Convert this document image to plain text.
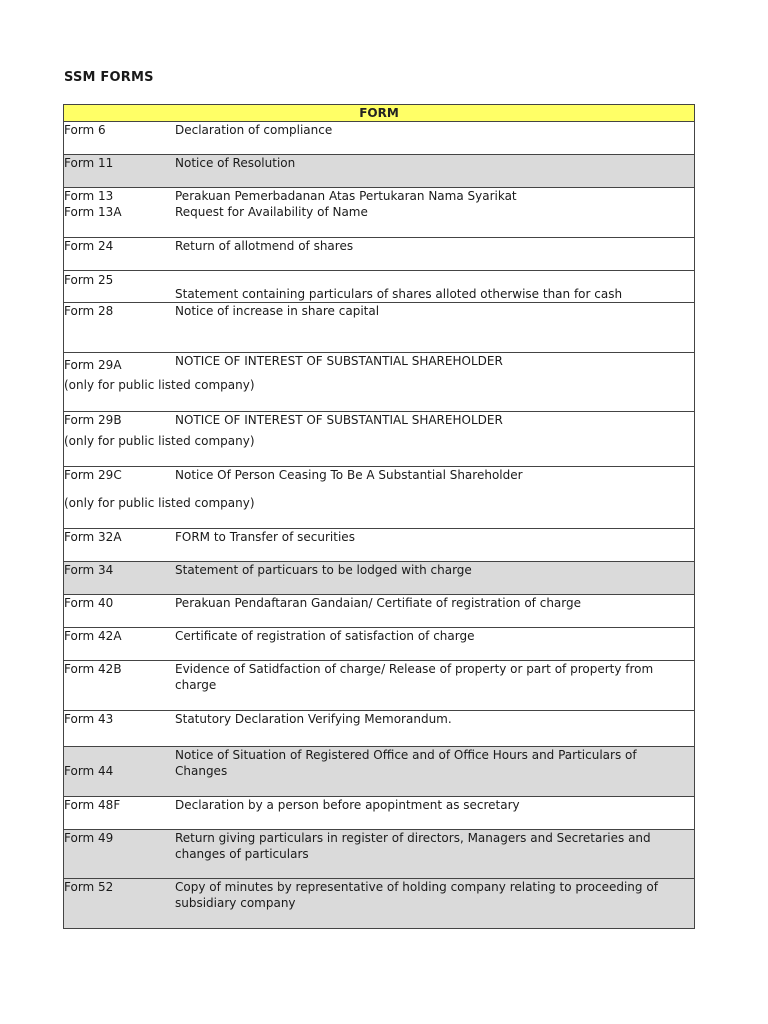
SSM FORMS
FORM
Form 6	Declaration of compliance
Form 11	Notice of Resolution
Form 13	Perakuan Pemerbadanan Atas Pertukaran Nama Syarikat
Form 13A	Request for Availability of Name
Form 24	Return of allotmend of shares
Form 25
Statement containing particulars of shares alloted otherwise than for cash
Form 28	Notice of increase in share capital
Form 29A	NOTICE OF INTEREST OF SUBSTANTIAL SHAREHOLDER
(only for public listed company)
Form 29B	NOTICE OF INTEREST OF SUBSTANTIAL SHAREHOLDER
(only for public listed company)
Form 29C	Notice Of Person Ceasing To Be A Substantial Shareholder
(only for public listed company)
Form 32A	FORM to Transfer of securities
Form 34	Statement of particuars to be lodged with charge
Form 40	Perakuan Pendaftaran Gandaian/ Certifiate of registration of charge
Form 42A	Certificate of registration of satisfaction of charge
Form 42B	Evidence of Satidfaction of charge/ Release of property or part of property from charge
Form 43	Statutory Declaration Verifying Memorandum.
Form 44
Notice of Situation of Registered Office and of Office Hours and Particulars of Changes
Form 48F	Declaration by a person before apopintment as secretary
Form 49	Return giving particulars in register of directors, Managers and Secretaries and changes of particulars
Form 52	Copy of minutes by representative of holding company relating to proceeding of subsidiary company
